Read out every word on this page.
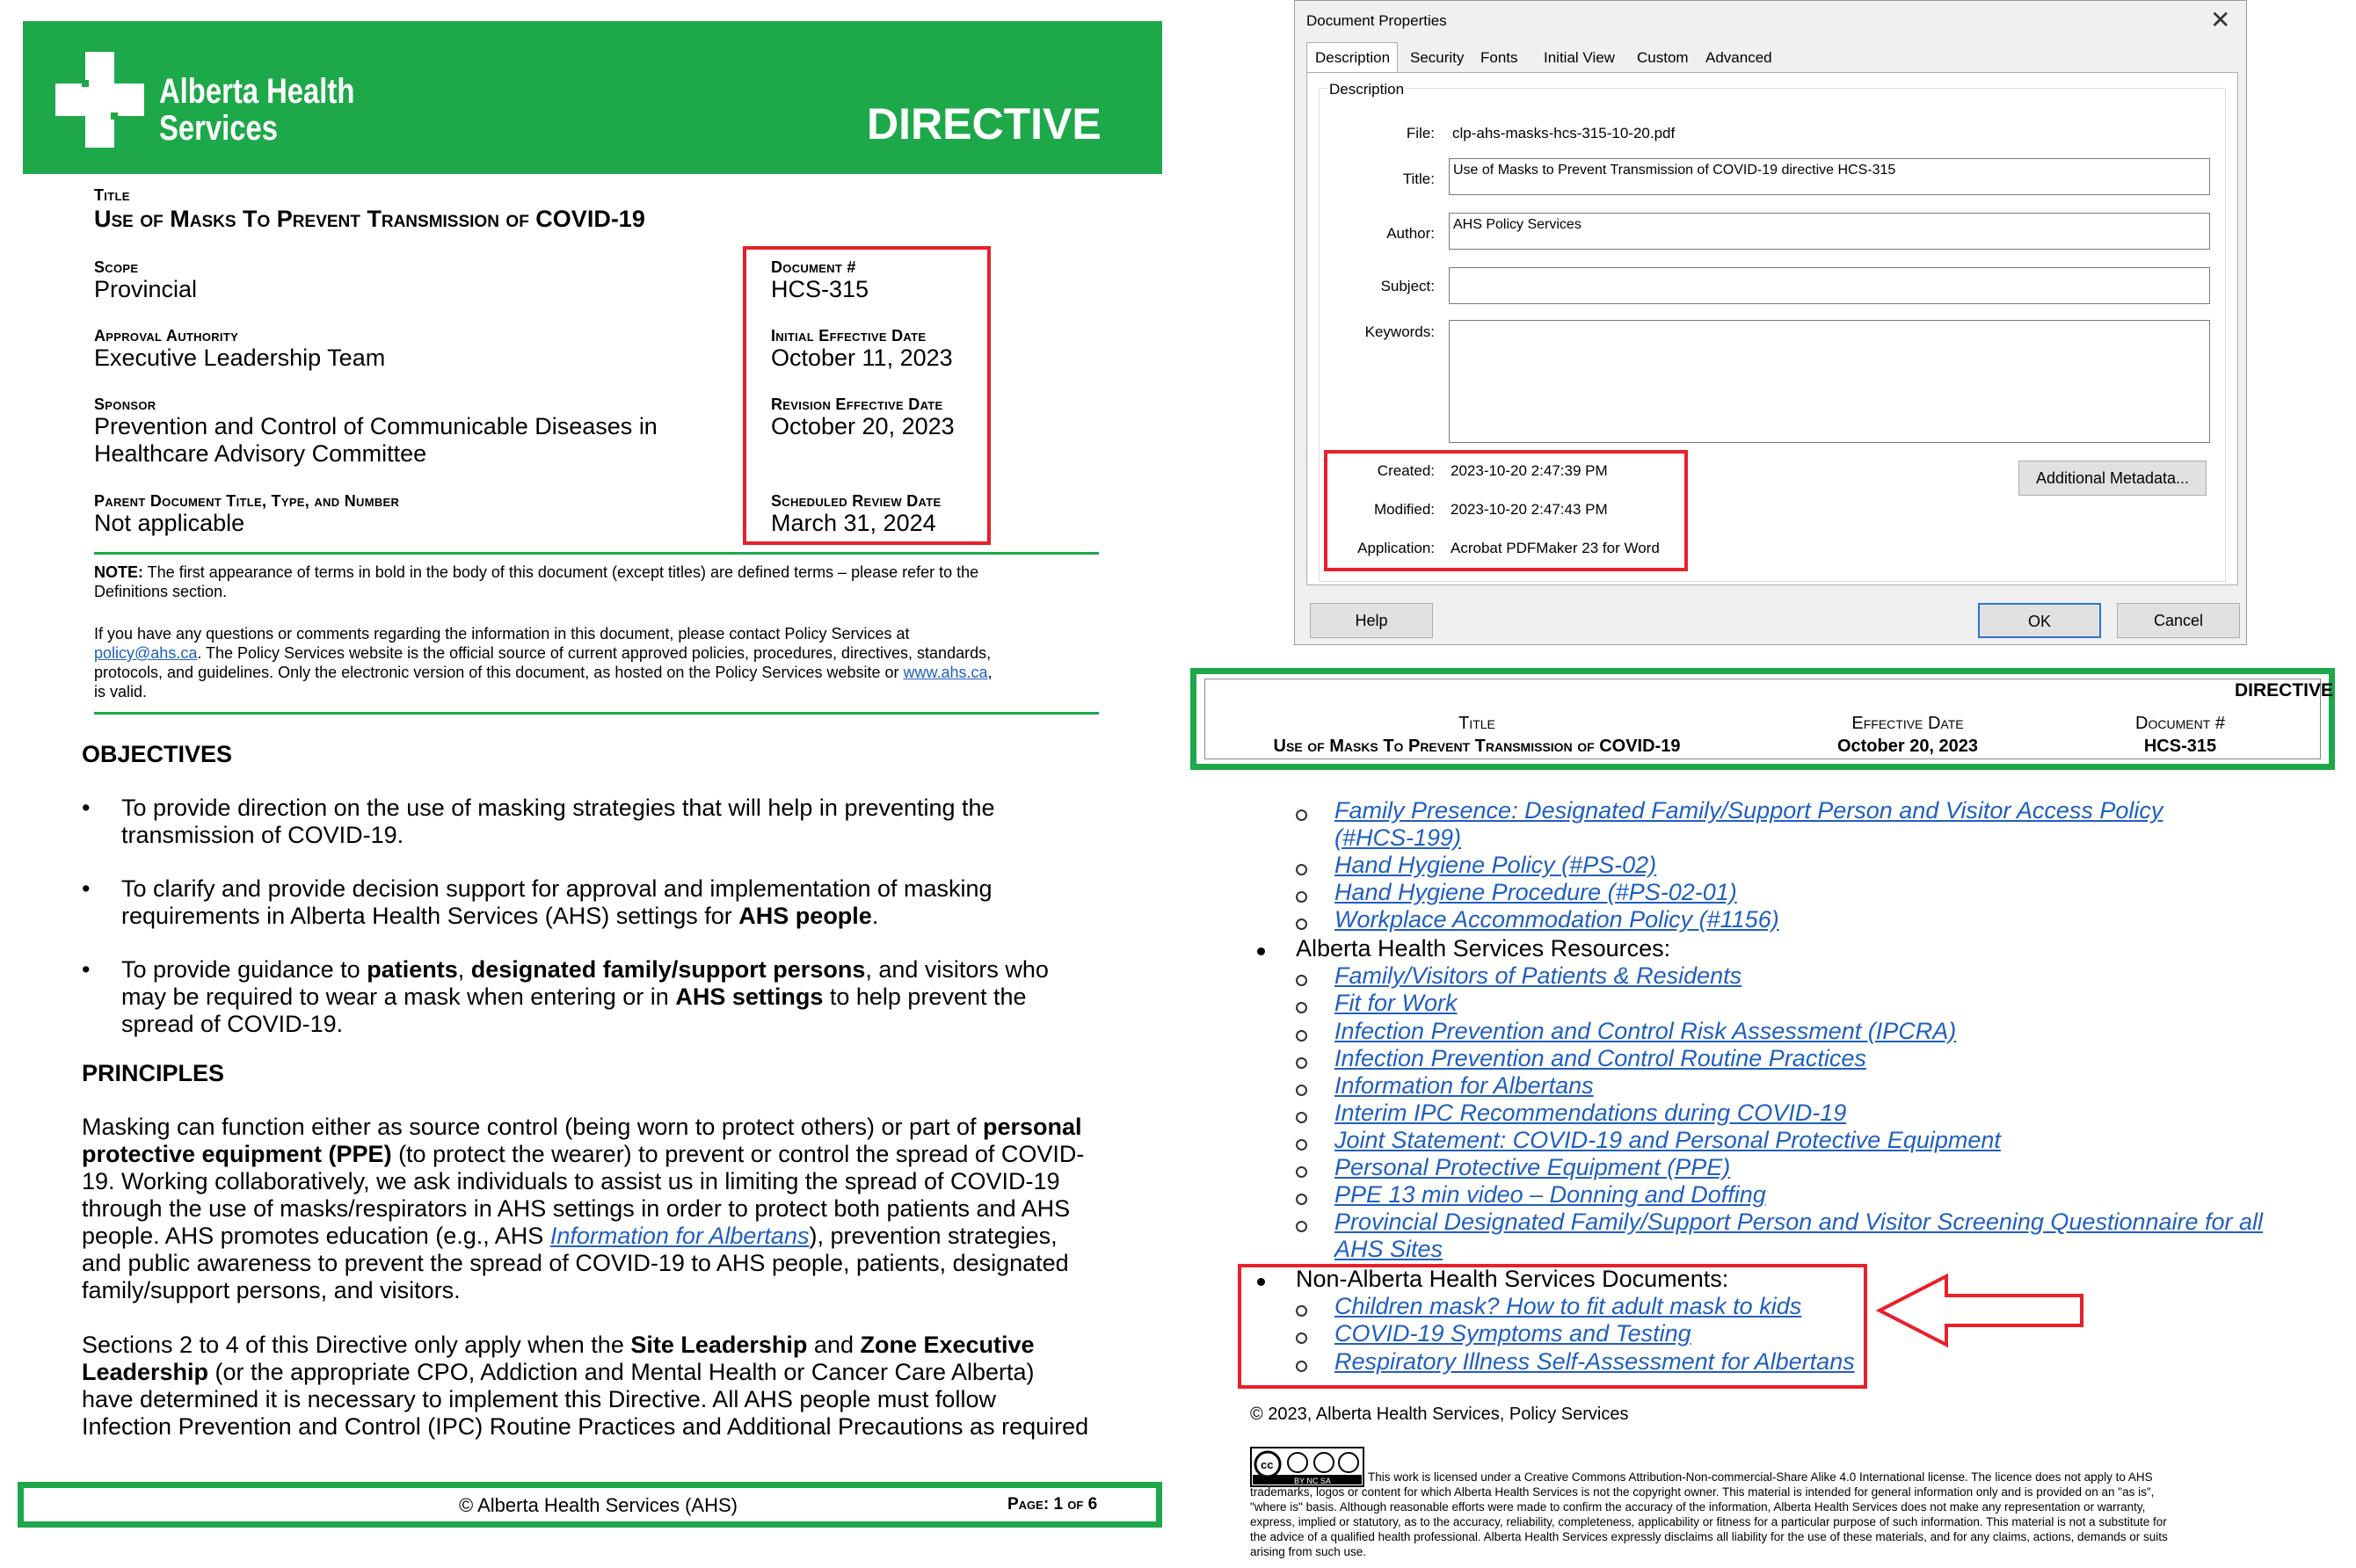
Alberta Health
Services	DIRECTIVE
Title
Use of Masks To Prevent Transmission of COVID-19
Scope
Provincial
Approval Authority
Executive Leadership Team
Sponsor
Prevention and Control of Communicable Diseases in
Healthcare Advisory Committee
Parent Document Title, Type, and Number
Not applicable
Document #
HCS-315
Initial Effective Date
October 11, 2023
Revision Effective Date
October 20, 2023
Scheduled Review Date
March 31, 2024
NOTE: The first appearance of terms in bold in the body of this document (except titles) are defined terms – please refer to the
Definitions section.
If you have any questions or comments regarding the information in this document, please contact Policy Services at
policy@ahs.ca. The Policy Services website is the official source of current approved policies, procedures, directives, standards,
protocols, and guidelines. Only the electronic version of this document, as hosted on the Policy Services website or www.ahs.ca,
is valid.
OBJECTIVES
• To provide direction on the use of masking strategies that will help in preventing the
transmission of COVID-19.
• To clarify and provide decision support for approval and implementation of masking
requirements in Alberta Health Services (AHS) settings for AHS people.
• To provide guidance to patients, designated family/support persons, and visitors who
may be required to wear a mask when entering or in AHS settings to help prevent the
spread of COVID-19.
PRINCIPLES
Masking can function either as source control (being worn to protect others) or part of personal
protective equipment (PPE) (to protect the wearer) to prevent or control the spread of COVID-
19. Working collaboratively, we ask individuals to assist us in limiting the spread of COVID-19
through the use of masks/respirators in AHS settings in order to protect both patients and AHS
people. AHS promotes education (e.g., AHS Information for Albertans), prevention strategies,
and public awareness to prevent the spread of COVID-19 to AHS people, patients, designated
family/support persons, and visitors.
Sections 2 to 4 of this Directive only apply when the Site Leadership and Zone Executive
Leadership (or the appropriate CPO, Addiction and Mental Health or Cancer Care Alberta)
have determined it is necessary to implement this Directive. All AHS people must follow
Infection Prevention and Control (IPC) Routine Practices and Additional Precautions as required
© Alberta Health Services (AHS)	Page: 1 of 6
Document Properties	✕
Description Security Fonts Initial View Custom Advanced
Description
File: clp-ahs-masks-hcs-315-10-20.pdf
Title:
Use of Masks to Prevent Transmission of COVID-19 directive HCS-315
Author:
AHS Policy Services
Subject:
Keywords:
Created: 2023-10-20 2:47:39 PM
Modified: 2023-10-20 2:47:43 PM
Application: Acrobat PDFMaker 23 for Word
Additional Metadata...
Help	OK	Cancel
DIRECTIVE
Title
Use of Masks To Prevent Transmission of COVID-19
Effective Date
October 20, 2023
Document #
HCS-315
Family Presence: Designated Family/Support Person and Visitor Access Policy
(#HCS-199)
Hand Hygiene Policy (#PS-02)
Hand Hygiene Procedure (#PS-02-01)
Workplace Accommodation Policy (#1156)
Alberta Health Services Resources:
Family/Visitors of Patients & Residents
Fit for Work
Infection Prevention and Control Risk Assessment (IPCRA)
Infection Prevention and Control Routine Practices
Information for Albertans
Interim IPC Recommendations during COVID-19
Joint Statement: COVID-19 and Personal Protective Equipment
Personal Protective Equipment (PPE)
PPE 13 min video – Donning and Doffing
Provincial Designated Family/Support Person and Visitor Screening Questionnaire for all
AHS Sites
Non-Alberta Health Services Documents:
Children mask? How to fit adult mask to kids
COVID-19 Symptoms and Testing
Respiratory Illness Self-Assessment for Albertans
© 2023, Alberta Health Services, Policy Services
cc
BY NC SA	This work is licensed under a Creative Commons Attribution-Non-commercial-Share Alike 4.0 International license. The licence does not apply to AHS
trademarks, logos or content for which Alberta Health Services is not the copyright owner. This material is intended for general information only and is provided on an "as is",
"where is" basis. Although reasonable efforts were made to confirm the accuracy of the information, Alberta Health Services does not make any representation or warranty,
express, implied or statutory, as to the accuracy, reliability, completeness, applicability or fitness for a particular purpose of such information. This material is not a substitute for
the advice of a qualified health professional. Alberta Health Services expressly disclaims all liability for the use of these materials, and for any claims, actions, demands or suits
arising from such use.
